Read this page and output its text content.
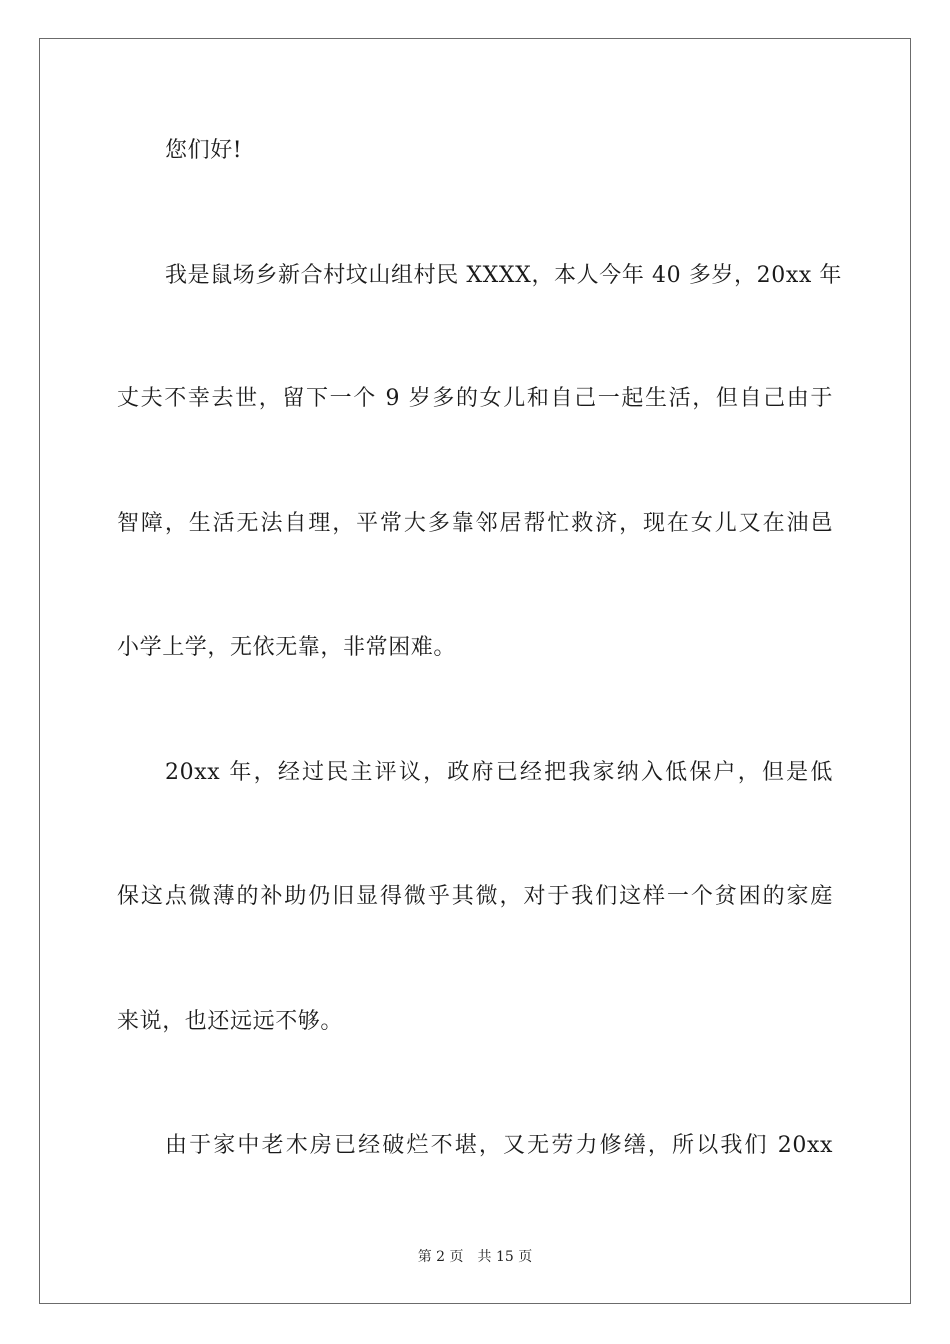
您们好!
我是鼠场乡新合村坟山组村民 XXXX，本人今年 40 多岁，20xx 年
丈夫不幸去世，留下一个 9 岁多的女儿和自己一起生活，但自己由于
智障，生活无法自理，平常大多靠邻居帮忙救济，现在女儿又在油邑
小学上学，无依无靠，非常困难。
20xx 年，经过民主评议，政府已经把我家纳入低保户，但是低
保这点微薄的补助仍旧显得微乎其微，对于我们这样一个贫困的家庭
来说，也还远远不够。
由于家中老木房已经破烂不堪，又无劳力修缮，所以我们 20xx
第 2 页 共 15 页
